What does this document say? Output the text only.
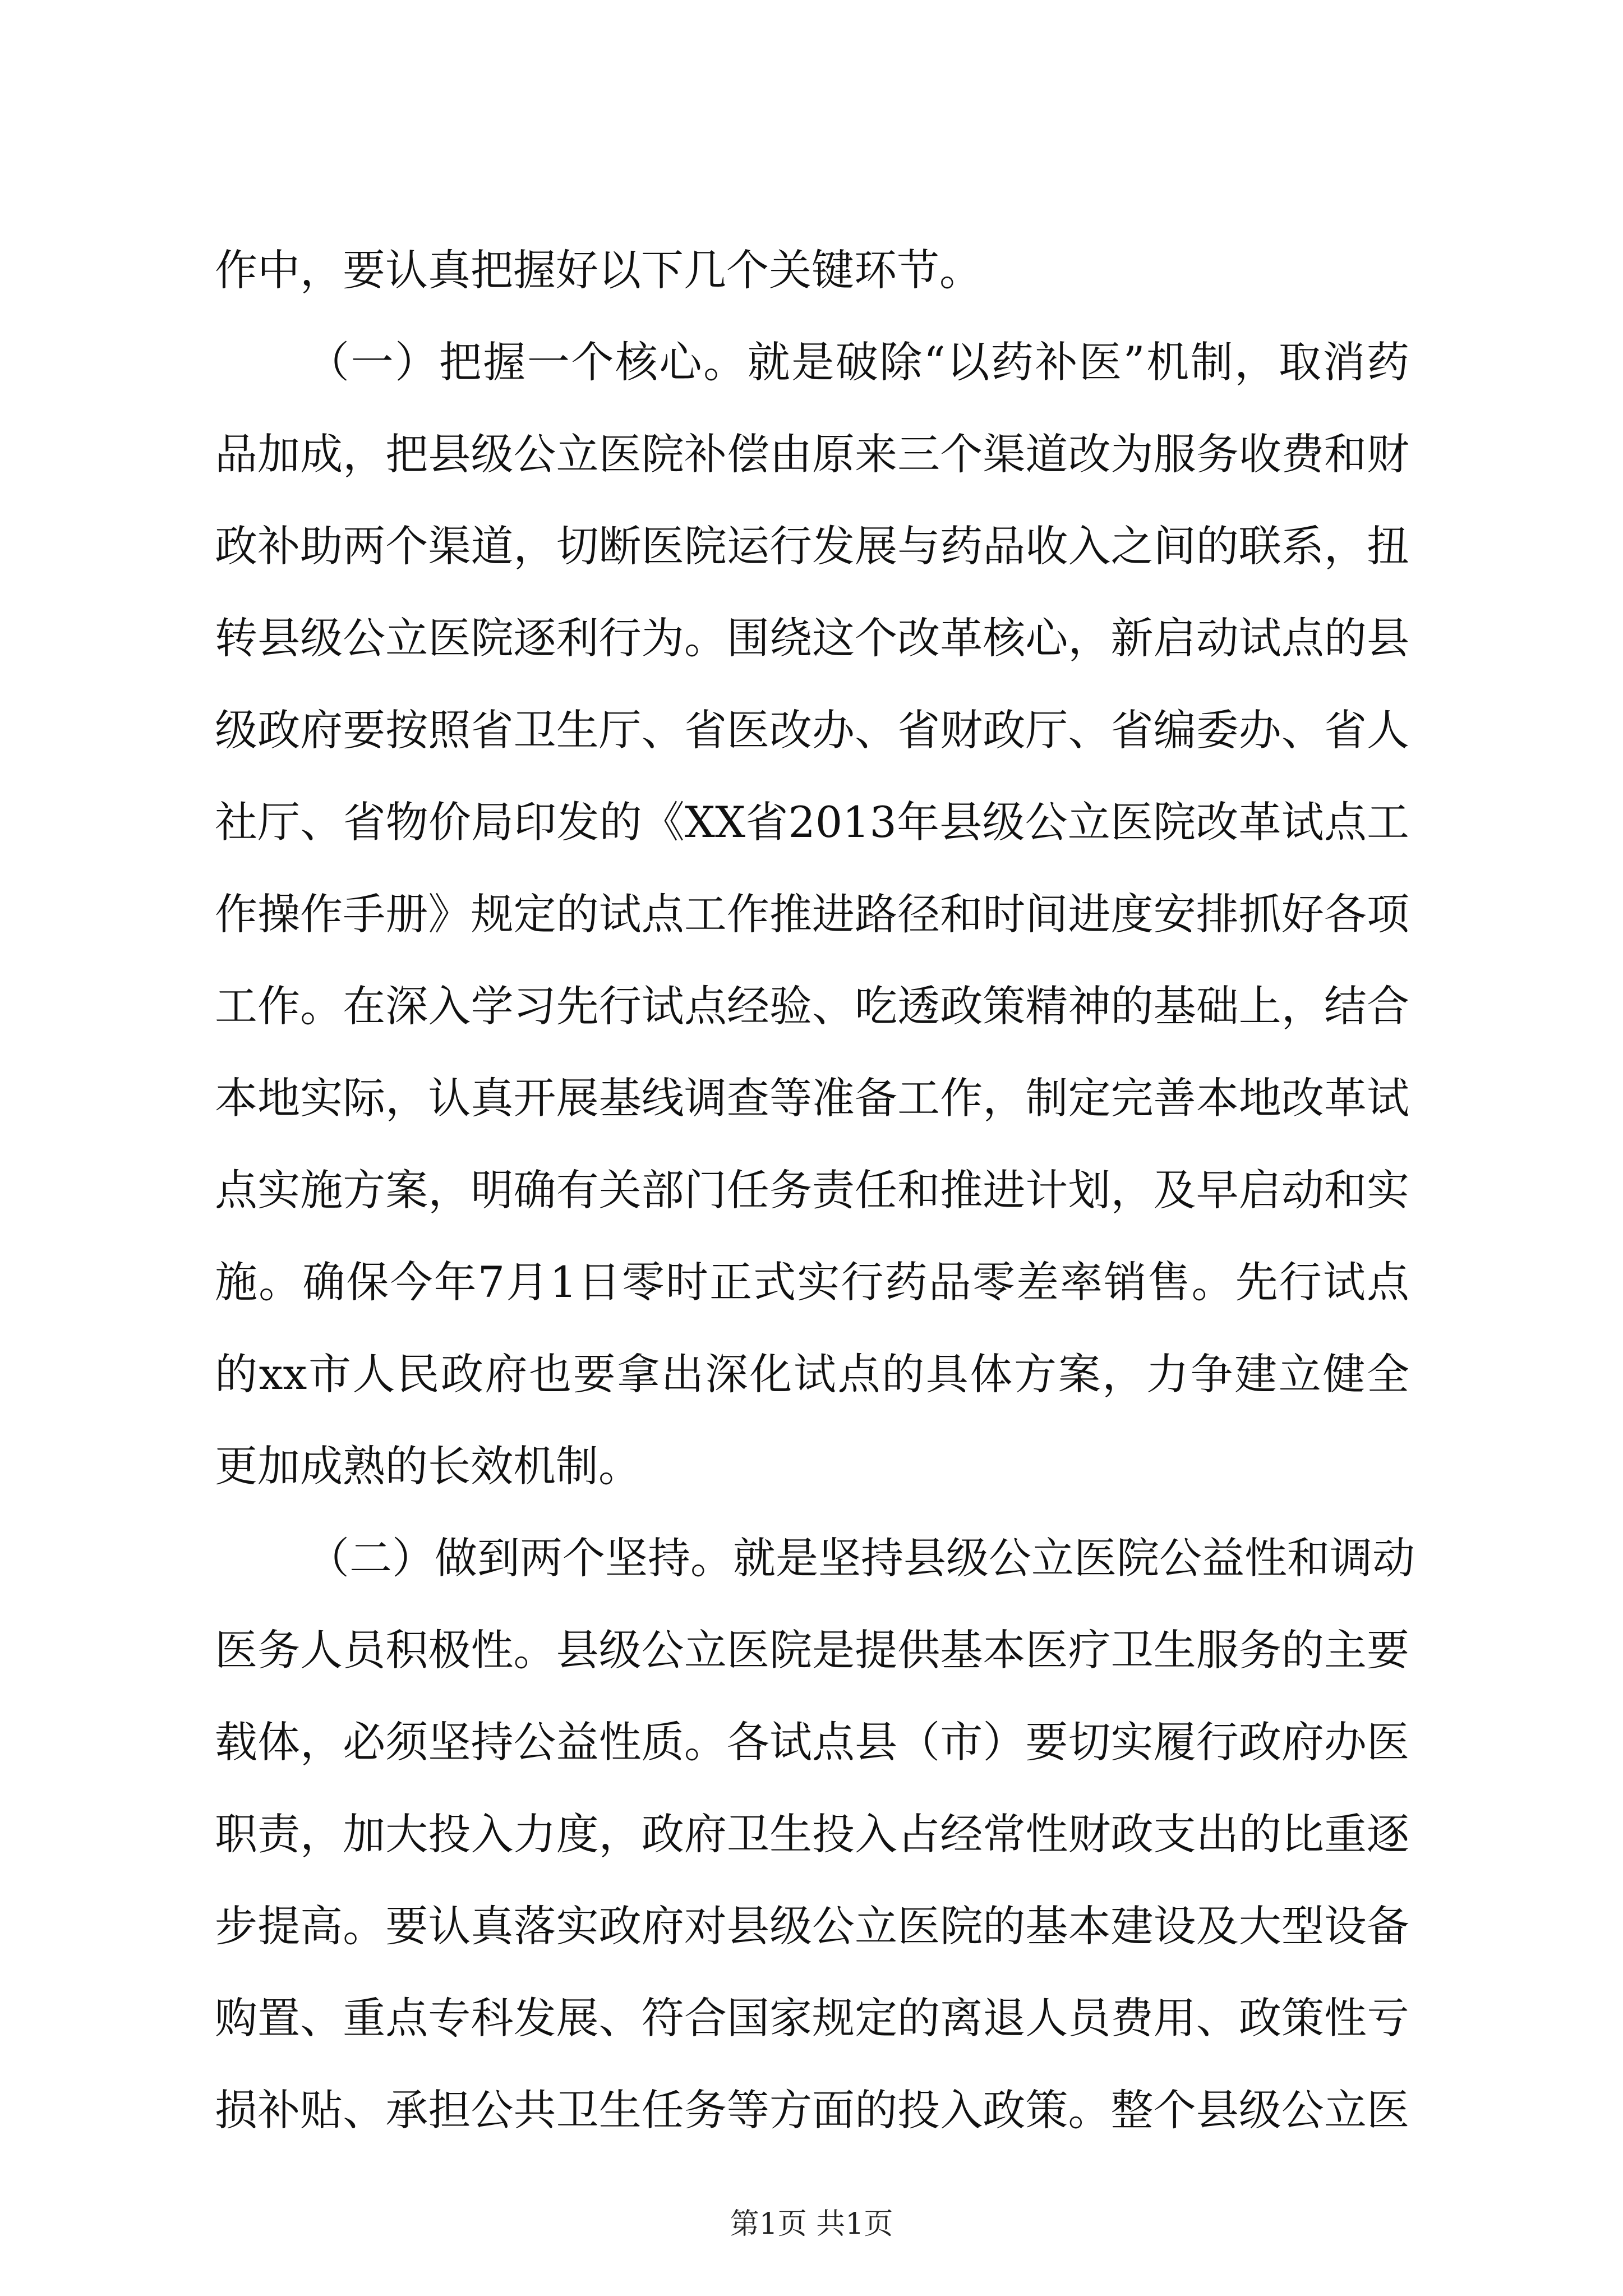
作中，要认真把握好以下几个关键环节。
（一）把握一个核心。就是破除“以药补医”机制，取消药
品加成，把县级公立医院补偿由原来三个渠道改为服务收费和财
政补助两个渠道，切断医院运行发展与药品收入之间的联系，扭
转县级公立医院逐利行为。围绕这个改革核心，新启动试点的县
级政府要按照省卫生厅、省医改办、省财政厅、省编委办、省人
社厅、省物价局印发的《XX省2013年县级公立医院改革试点工
作操作手册》规定的试点工作推进路径和时间进度安排抓好各项
工作。在深入学习先行试点经验、吃透政策精神的基础上，结合
本地实际，认真开展基线调查等准备工作，制定完善本地改革试
点实施方案，明确有关部门任务责任和推进计划，及早启动和实
施。确保今年7月1日零时正式实行药品零差率销售。先行试点
的xx市人民政府也要拿出深化试点的具体方案，力争建立健全
更加成熟的长效机制。
（二）做到两个坚持。就是坚持县级公立医院公益性和调动
医务人员积极性。县级公立医院是提供基本医疗卫生服务的主要
载体，必须坚持公益性质。各试点县（市）要切实履行政府办医
职责，加大投入力度，政府卫生投入占经常性财政支出的比重逐
步提高。要认真落实政府对县级公立医院的基本建设及大型设备
购置、重点专科发展、符合国家规定的离退人员费用、政策性亏
损补贴、承担公共卫生任务等方面的投入政策。整个县级公立医
第1页 共1页
